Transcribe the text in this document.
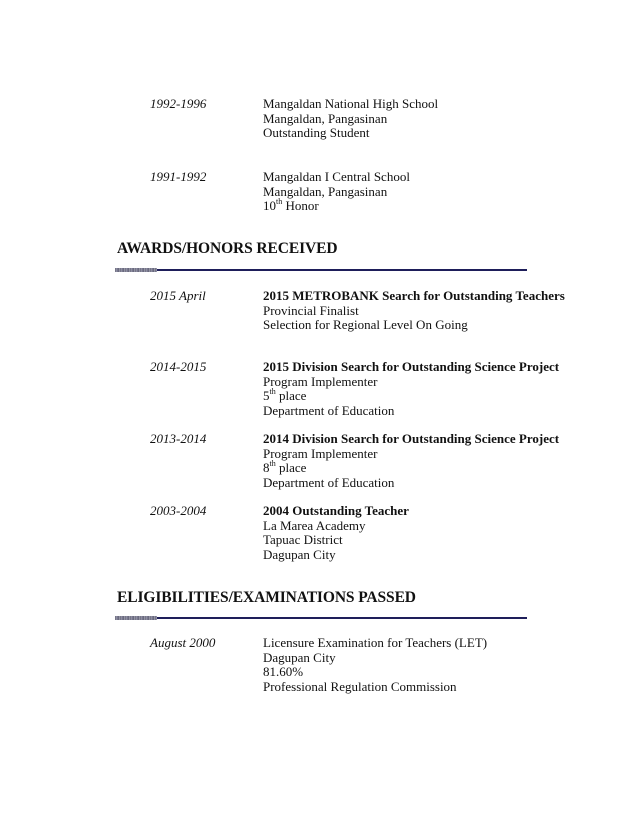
1992-1996	Mangaldan National High School
Mangaldan, Pangasinan
Outstanding Student
1991-1992	Mangaldan I Central School
Mangaldan, Pangasinan
10th Honor
AWARDS/HONORS RECEIVED
2015 April	2015 METROBANK Search for Outstanding Teachers
Provincial Finalist
Selection for Regional Level On Going
2014-2015	2015 Division Search for Outstanding Science Project
Program Implementer
5th place
Department of Education
2013-2014	2014 Division Search for Outstanding Science Project
Program Implementer
8th place
Department of Education
2003-2004	2004 Outstanding Teacher
La Marea Academy
Tapuac District
Dagupan City
ELIGIBILITIES/EXAMINATIONS PASSED
August 2000	Licensure Examination for Teachers (LET)
Dagupan City
81.60%
Professional Regulation Commission
